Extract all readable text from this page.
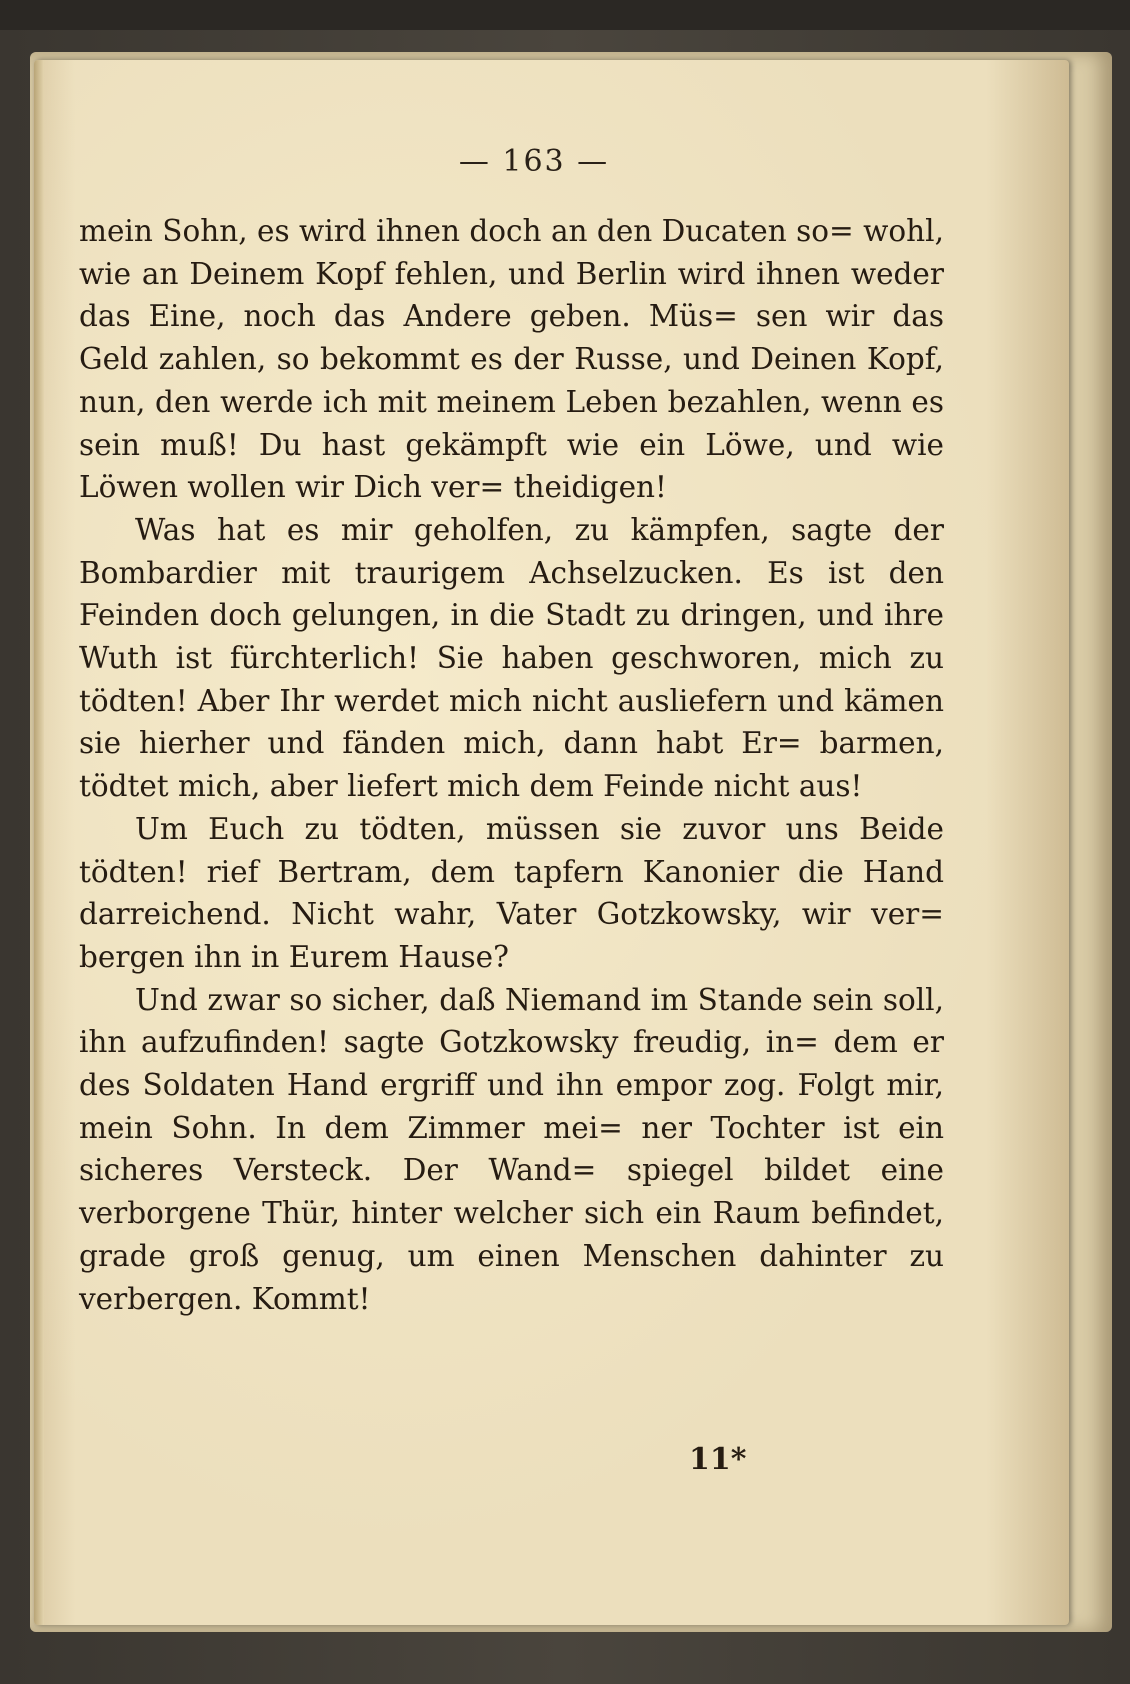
— 163 —

mein Sohn, es wird ihnen doch an den Ducaten so= wohl, wie an Deinem Kopf fehlen, und Berlin wird ihnen weder das Eine, noch das Andere geben. Müs= sen wir das Geld zahlen, so bekommt es der Russe, und Deinen Kopf, nun, den werde ich mit meinem Leben bezahlen, wenn es sein muß! Du hast gekämpft wie ein Löwe, und wie Löwen wollen wir Dich ver= theidigen!

Was hat es mir geholfen, zu kämpfen, sagte der Bombardier mit traurigem Achselzucken. Es ist den Feinden doch gelungen, in die Stadt zu dringen, und ihre Wuth ist fürchterlich! Sie haben geschworen, mich zu tödten! Aber Ihr werdet mich nicht ausliefern und kämen sie hierher und fänden mich, dann habt Er= barmen, tödtet mich, aber liefert mich dem Feinde nicht aus!

Um Euch zu tödten, müssen sie zuvor uns Beide tödten! rief Bertram, dem tapfern Kanonier die Hand darreichend. Nicht wahr, Vater Gotzkowsky, wir ver= bergen ihn in Eurem Hause?

Und zwar so sicher, daß Niemand im Stande sein soll, ihn aufzufinden! sagte Gotzkowsky freudig, in= dem er des Soldaten Hand ergriff und ihn empor zog. Folgt mir, mein Sohn. In dem Zimmer mei= ner Tochter ist ein sicheres Versteck. Der Wand= spiegel bildet eine verborgene Thür, hinter welcher sich ein Raum befindet, grade groß genug, um einen Menschen dahinter zu verbergen. Kommt!

11*
